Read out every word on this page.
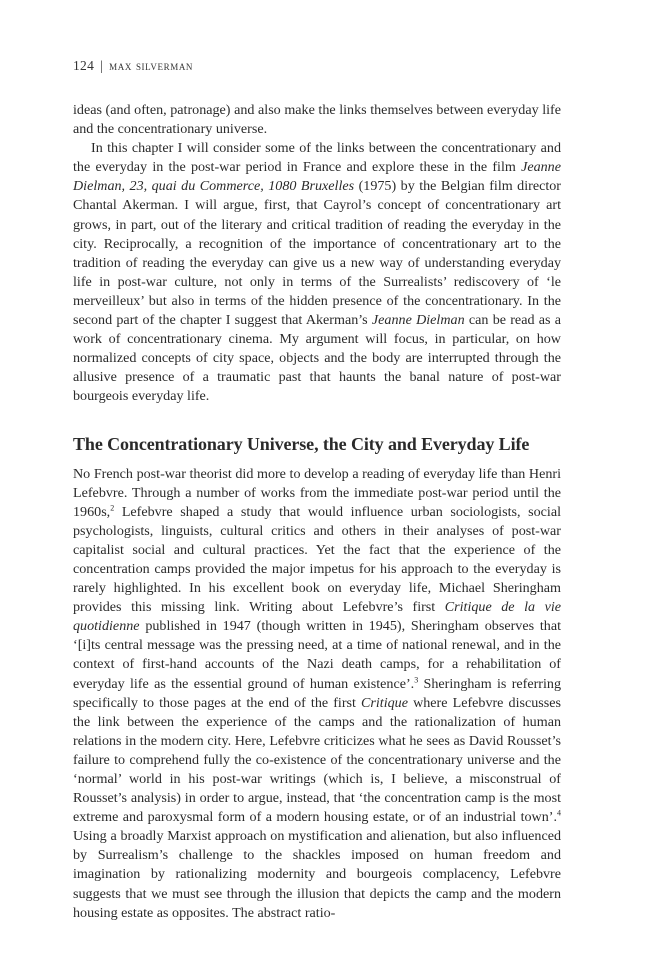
124 | max silverman

ideas (and often, patronage) and also make the links themselves between everyday life and the concentrationary universe.

In this chapter I will consider some of the links between the concentrationary and the everyday in the post-war period in France and explore these in the film Jeanne Dielman, 23, quai du Commerce, 1080 Bruxelles (1975) by the Belgian film director Chantal Akerman. I will argue, first, that Cayrol’s concept of concentrationary art grows, in part, out of the literary and critical tradition of reading the everyday in the city. Reciprocally, a recognition of the importance of concentrationary art to the tradition of reading the everyday can give us a new way of understanding everyday life in post-war culture, not only in terms of the Surrealists’ rediscovery of ‘le merveilleux’ but also in terms of the hidden presence of the concentrationary. In the second part of the chapter I suggest that Akerman’s Jeanne Dielman can be read as a work of concentrationary cinema. My argument will focus, in particular, on how normalized concepts of city space, objects and the body are interrupted through the allusive presence of a traumatic past that haunts the banal nature of post-war bourgeois everyday life.

The Concentrationary Universe, the City and Everyday Life

No French post-war theorist did more to develop a reading of everyday life than Henri Lefebvre. Through a number of works from the immediate post-war period until the 1960s,$^2$ Lefebvre shaped a study that would influence urban sociologists, social psychologists, linguists, cultural critics and others in their analyses of post-war capitalist social and cultural practices. Yet the fact that the experience of the concentration camps provided the major impetus for his approach to the everyday is rarely highlighted. In his excellent book on everyday life, Michael Sheringham provides this missing link. Writing about Lefebvre’s first Critique de la vie quotidienne published in 1947 (though written in 1945), Sheringham observes that ‘[i]ts central message was the pressing need, at a time of national renewal, and in the context of first-hand accounts of the Nazi death camps, for a rehabilitation of everyday life as the essential ground of human existence’.$^3$ Sheringham is referring specifically to those pages at the end of the first Critique where Lefebvre discusses the link between the experience of the camps and the rationalization of human relations in the modern city. Here, Lefebvre criticizes what he sees as David Rousset’s failure to comprehend fully the co-existence of the concentrationary universe and the ‘normal’ world in his post-war writings (which is, I believe, a misconstrual of Rousset’s analysis) in order to argue, instead, that ‘the concentration camp is the most extreme and paroxysmal form of a modern housing estate, or of an industrial town’.$^4$ Using a broadly Marxist approach on mystification and alienation, but also influenced by Surrealism’s challenge to the shackles imposed on human freedom and imagination by rationalizing modernity and bourgeois complacency, Lefebvre suggests that we must see through the illusion that depicts the camp and the modern housing estate as opposites. The abstract ratio-
